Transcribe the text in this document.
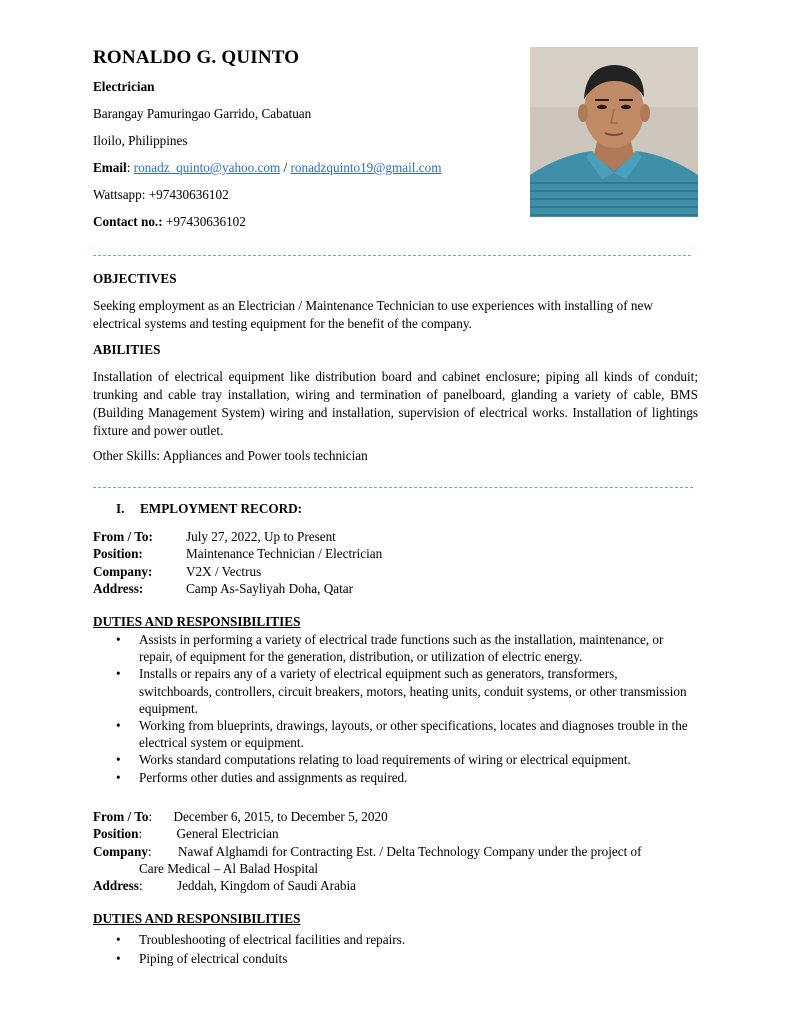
RONALDO G. QUINTO
Electrician
Barangay Pamuringao Garrido, Cabatuan
Iloilo, Philippines
Email: ronadz_quinto@yahoo.com / ronadzquinto19@gmail.com
Wattsapp: +97430636102
Contact no.: +97430636102
OBJECTIVES
Seeking employment as an Electrician / Maintenance Technician to use experiences with installing of new electrical systems and testing equipment for the benefit of the company.
ABILITIES
Installation of electrical equipment like distribution board and cabinet enclosure; piping all kinds of conduit; trunking and cable tray installation, wiring and termination of panelboard, glanding a variety of cable, BMS (Building Management System) wiring and installation, supervision of electrical works. Installation of lightings fixture and power outlet.
Other Skills: Appliances and Power tools technician
I. EMPLOYMENT RECORD:
From / To:	July 27, 2022, Up to Present
Position:	Maintenance Technician / Electrician
Company:	V2X / Vectrus
Address:	Camp As-Sayliyah Doha, Qatar
DUTIES AND RESPONSIBILITIES
• Assists in performing a variety of electrical trade functions such as the installation, maintenance, or repair, of equipment for the generation, distribution, or utilization of electric energy.
• Installs or repairs any of a variety of electrical equipment such as generators, transformers, switchboards, controllers, circuit breakers, motors, heating units, conduit systems, or other transmission equipment.
• Working from blueprints, drawings, layouts, or other specifications, locates and diagnoses trouble in the electrical system or equipment.
• Works standard computations relating to load requirements of wiring or electrical equipment.
• Performs other duties and assignments as required.
From / To: December 6, 2015, to December 5, 2020
Position:	General Electrician
Company: Nawaf Alghamdi for Contracting Est. / Delta Technology Company under the project of
Care Medical – Al Balad Hospital
Address:	Jeddah, Kingdom of Saudi Arabia
DUTIES AND RESPONSIBILITIES
• Troubleshooting of electrical facilities and repairs.
• Piping of electrical conduits
